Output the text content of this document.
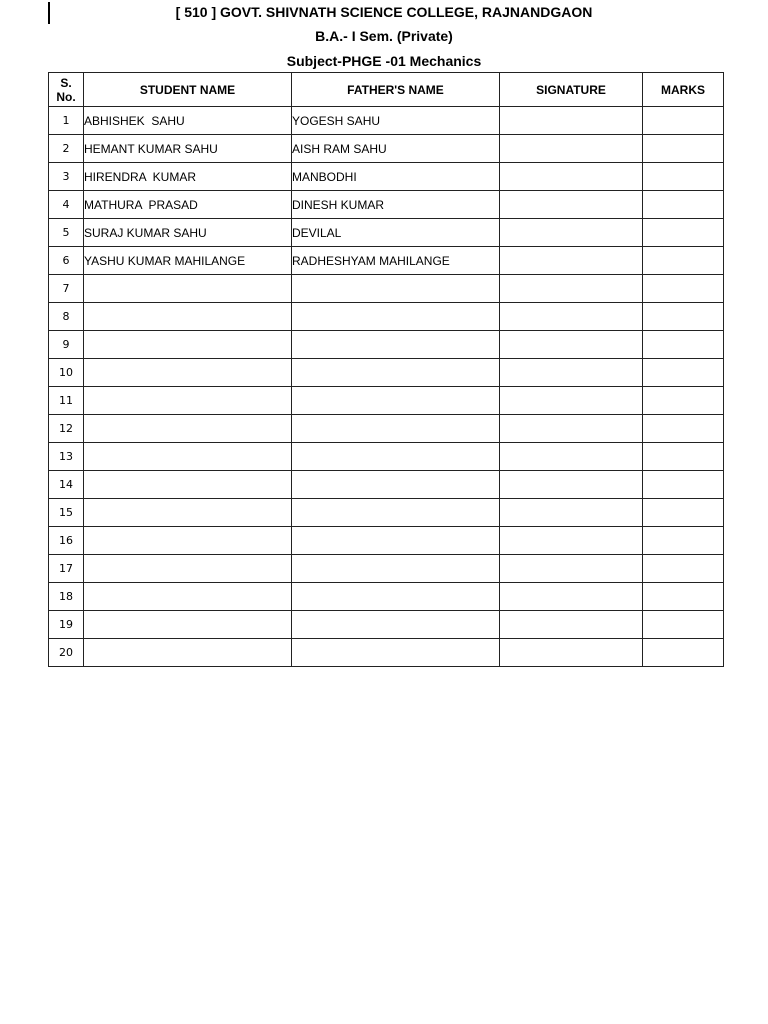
[ 510 ] GOVT. SHIVNATH SCIENCE COLLEGE, RAJNANDGAON
B.A.- I Sem. (Private)
Subject-PHGE -01 Mechanics
S.
No.	STUDENT NAME	FATHER'S NAME	SIGNATURE	MARKS
1	ABHISHEK  SAHU	YOGESH SAHU		
2	HEMANT KUMAR SAHU	AISH RAM SAHU		
3	HIRENDRA  KUMAR	MANBODHI		
4	MATHURA  PRASAD	DINESH KUMAR		
5	SURAJ KUMAR SAHU	DEVILAL		
6	YASHU KUMAR MAHILANGE	RADHESHYAM MAHILANGE		
7				
8				
9				
10				
11				
12				
13				
14				
15				
16				
17				
18				
19				
20				
